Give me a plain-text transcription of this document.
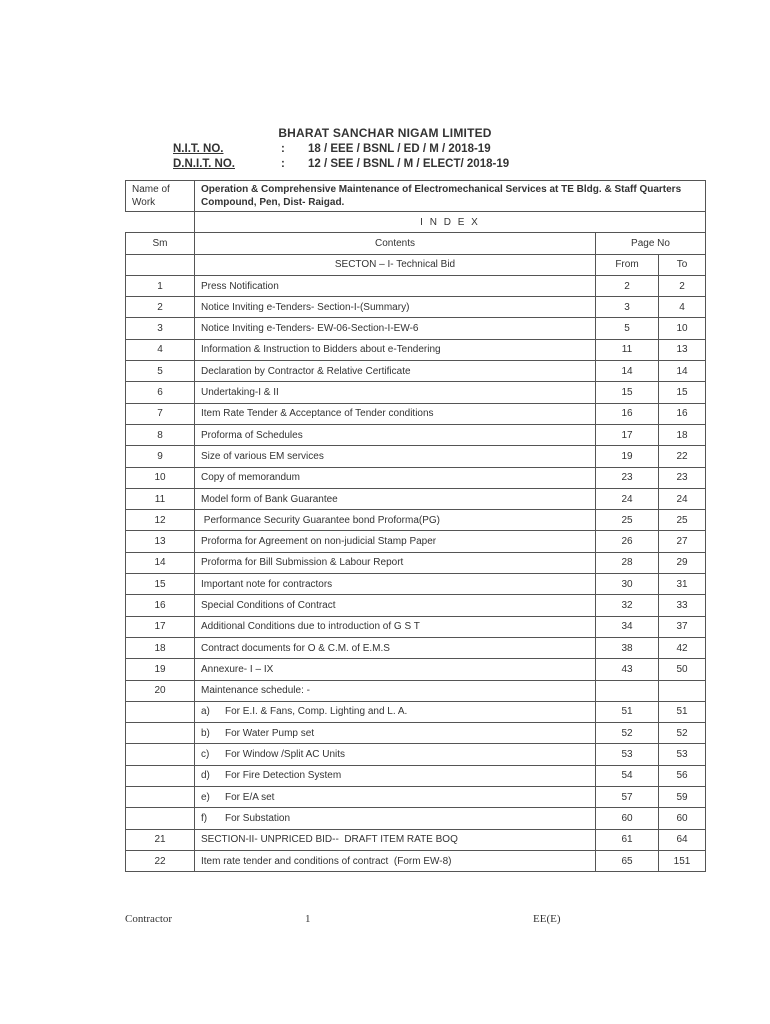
BHARAT SANCHAR NIGAM LIMITED
N.I.T. NO.	: 18 / EEE / BSNL / ED / M / 2018-19
D.N.I.T. NO.	: 12 / SEE / BSNL / M / ELECT/ 2018-19
Name of
Work	Operation & Comprehensive Maintenance of Electromechanical Services at TE Bldg. & Staff Quarters Compound, Pen, Dist- Raigad.		
	I N D E X		
Sm	Contents	Page No	
	SECTON – I- Technical Bid	From	To
1	Press Notification	2	2
2	Notice Inviting e-Tenders- Section-I-(Summary)	3	4
3	Notice Inviting e-Tenders- EW-06-Section-I-EW-6	5	10
4	Information & Instruction to Bidders about e-Tendering	11	13
5	Declaration by Contractor & Relative Certificate	14	14
6	Undertaking-I & II	15	15
7	Item Rate Tender & Acceptance of Tender conditions	16	16
8	Proforma of Schedules	17	18
9	Size of various EM services	19	22
10	Copy of memorandum	23	23
11	Model form of Bank Guarantee	24	24
12	Performance Security Guarantee bond Proforma(PG)	25	25
13	Proforma for Agreement on non-judicial Stamp Paper	26	27
14	Proforma for Bill Submission & Labour Report	28	29
15	Important note for contractors	30	31
16	Special Conditions of Contract	32	33
17	Additional Conditions due to introduction of G S T	34	37
18	Contract documents for O & C.M. of E.M.S	38	42
19	Annexure- I – IX	43	50
20	Maintenance schedule: -		
	a) For E.I. & Fans, Comp. Lighting and L. A.	51	51
	b) For Water Pump set	52	52
	c) For Window /Split AC Units	53	53
	d) For Fire Detection System	54	56
	e) For E/A set	57	59
	f) For Substation	60	60
21	SECTION-II- UNPRICED BID--  DRAFT ITEM RATE BOQ	61	64
22	Item rate tender and conditions of contract  (Form EW-8)	65	151
Contractor	1	EE(E)
